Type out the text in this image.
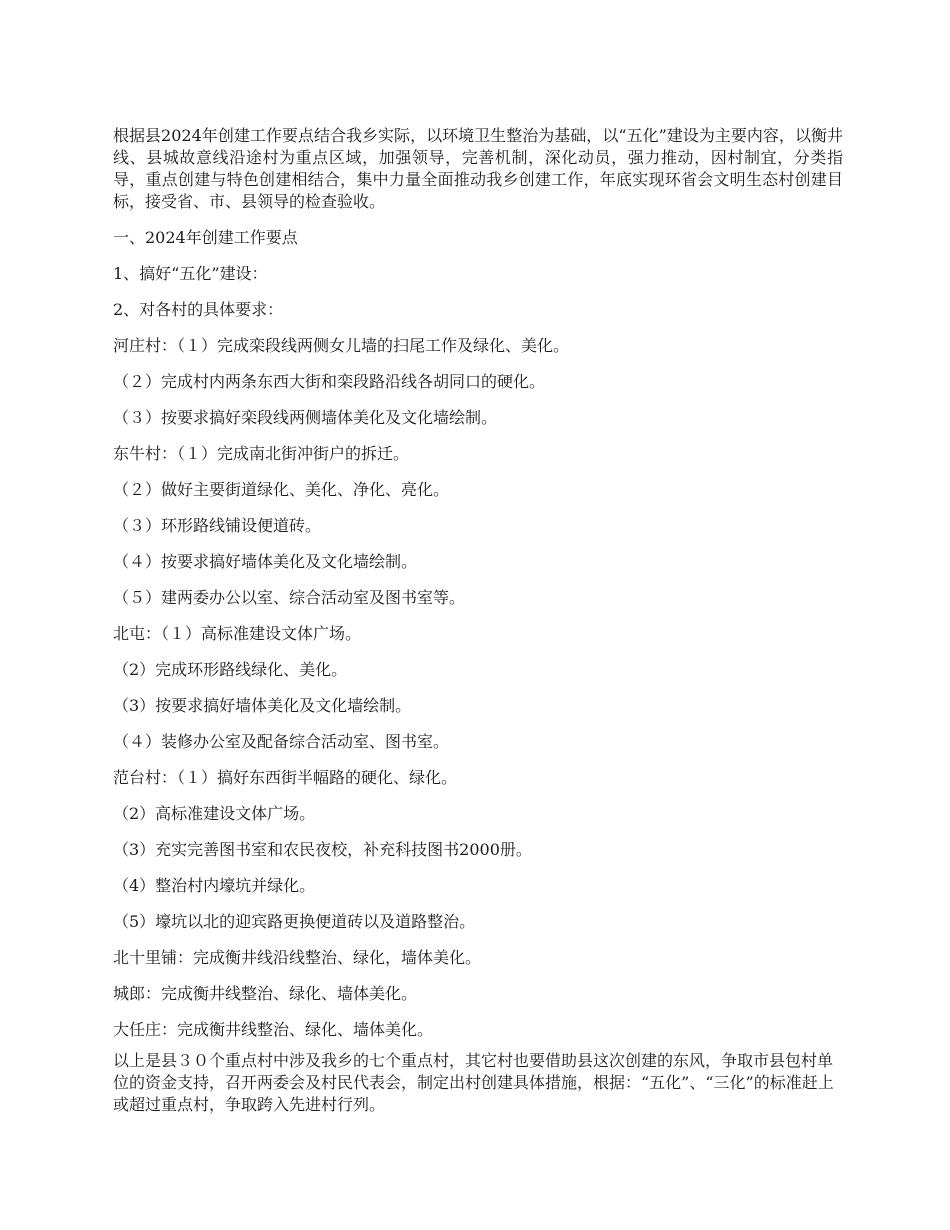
根据县2024年创建工作要点结合我乡实际，以环境卫生整治为基础，以“五化”建设为主要内容，以衡井线、县城故意线沿途村为重点区域，加强领导，完善机制，深化动员，强力推动，因村制宜，分类指导，重点创建与特色创建相结合，集中力量全面推动我乡创建工作，年底实现环省会文明生态村创建目标，接受省、市、县领导的检查验收。

一、2024年创建工作要点

1、搞好“五化”建设：

2、对各村的具体要求：

河庄村：（１）完成栾段线两侧女儿墙的扫尾工作及绿化、美化。

（２）完成村内两条东西大街和栾段路沿线各胡同口的硬化。

（３）按要求搞好栾段线两侧墙体美化及文化墙绘制。

东牛村：（１）完成南北街冲街户的拆迁。

（２）做好主要街道绿化、美化、净化、亮化。

（３）环形路线铺设便道砖。

（４）按要求搞好墙体美化及文化墙绘制。

（５）建两委办公以室、综合活动室及图书室等。

北屯：（１）高标准建设文体广场。

（2）完成环形路线绿化、美化。

（3）按要求搞好墙体美化及文化墙绘制。

（４）装修办公室及配备综合活动室、图书室。

范台村：（１）搞好东西街半幅路的硬化、绿化。

（2）高标准建设文体广场。

（3）充实完善图书室和农民夜校，补充科技图书2000册。

（4）整治村内壕坑并绿化。

（5）壕坑以北的迎宾路更换便道砖以及道路整治。

北十里铺：完成衡井线沿线整治、绿化，墙体美化。

城郎：完成衡井线整治、绿化、墙体美化。

大任庄：完成衡井线整治、绿化、墙体美化。

以上是县３０个重点村中涉及我乡的七个重点村，其它村也要借助县这次创建的东风，争取市县包村单位的资金支持，召开两委会及村民代表会，制定出村创建具体措施，根据：“五化”、“三化”的标准赶上或超过重点村，争取跨入先进村行列。
